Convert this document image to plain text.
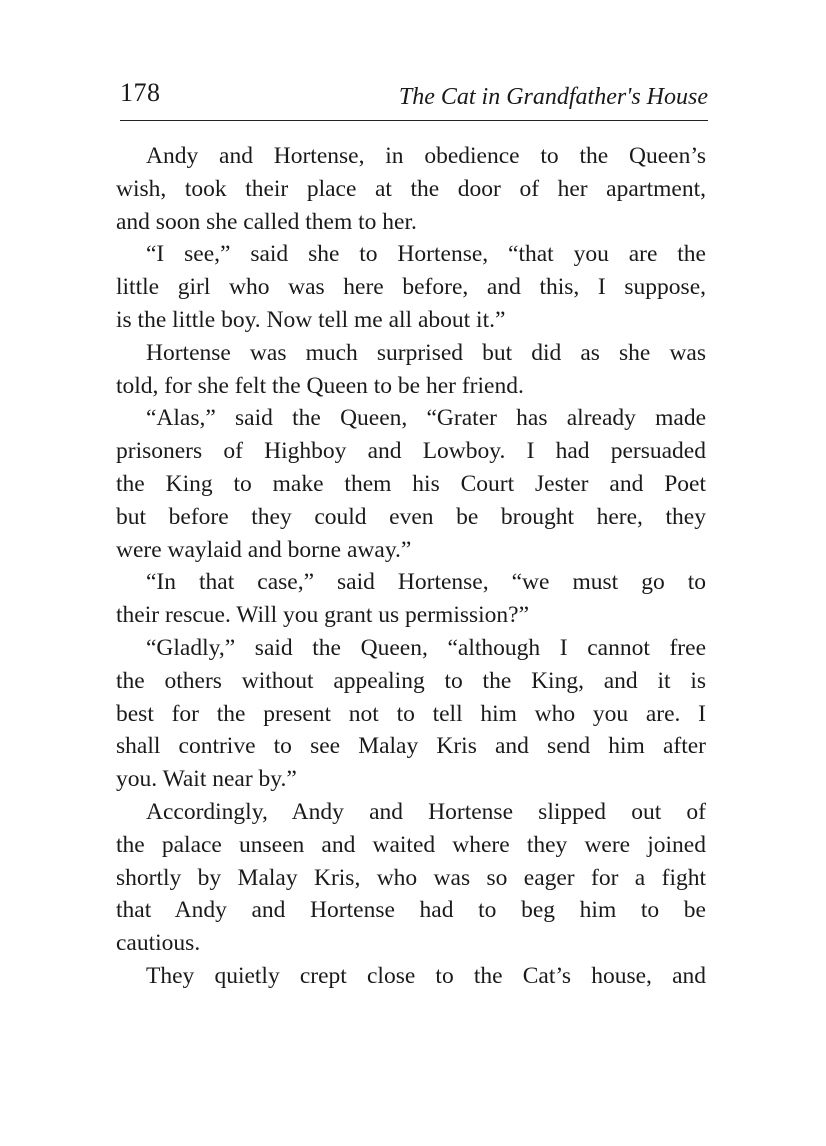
178	The Cat in Grandfather's House
Andy and Hortense, in obedience to the Queen’s
wish, took their place at the door of her apartment,
and soon she called them to her.
“I see,” said she to Hortense, “that you are the
little girl who was here before, and this, I suppose,
is the little boy. Now tell me all about it.”
Hortense was much surprised but did as she was
told, for she felt the Queen to be her friend.
“Alas,” said the Queen, “Grater has already made
prisoners of Highboy and Lowboy. I had persuaded
the King to make them his Court Jester and Poet
but before they could even be brought here, they
were waylaid and borne away.”
“In that case,” said Hortense, “we must go to
their rescue. Will you grant us permission?”
“Gladly,” said the Queen, “although I cannot free
the others without appealing to the King, and it is
best for the present not to tell him who you are. I
shall contrive to see Malay Kris and send him after
you. Wait near by.”
Accordingly, Andy and Hortense slipped out of
the palace unseen and waited where they were joined
shortly by Malay Kris, who was so eager for a fight
that Andy and Hortense had to beg him to be
cautious.
They quietly crept close to the Cat’s house, and
